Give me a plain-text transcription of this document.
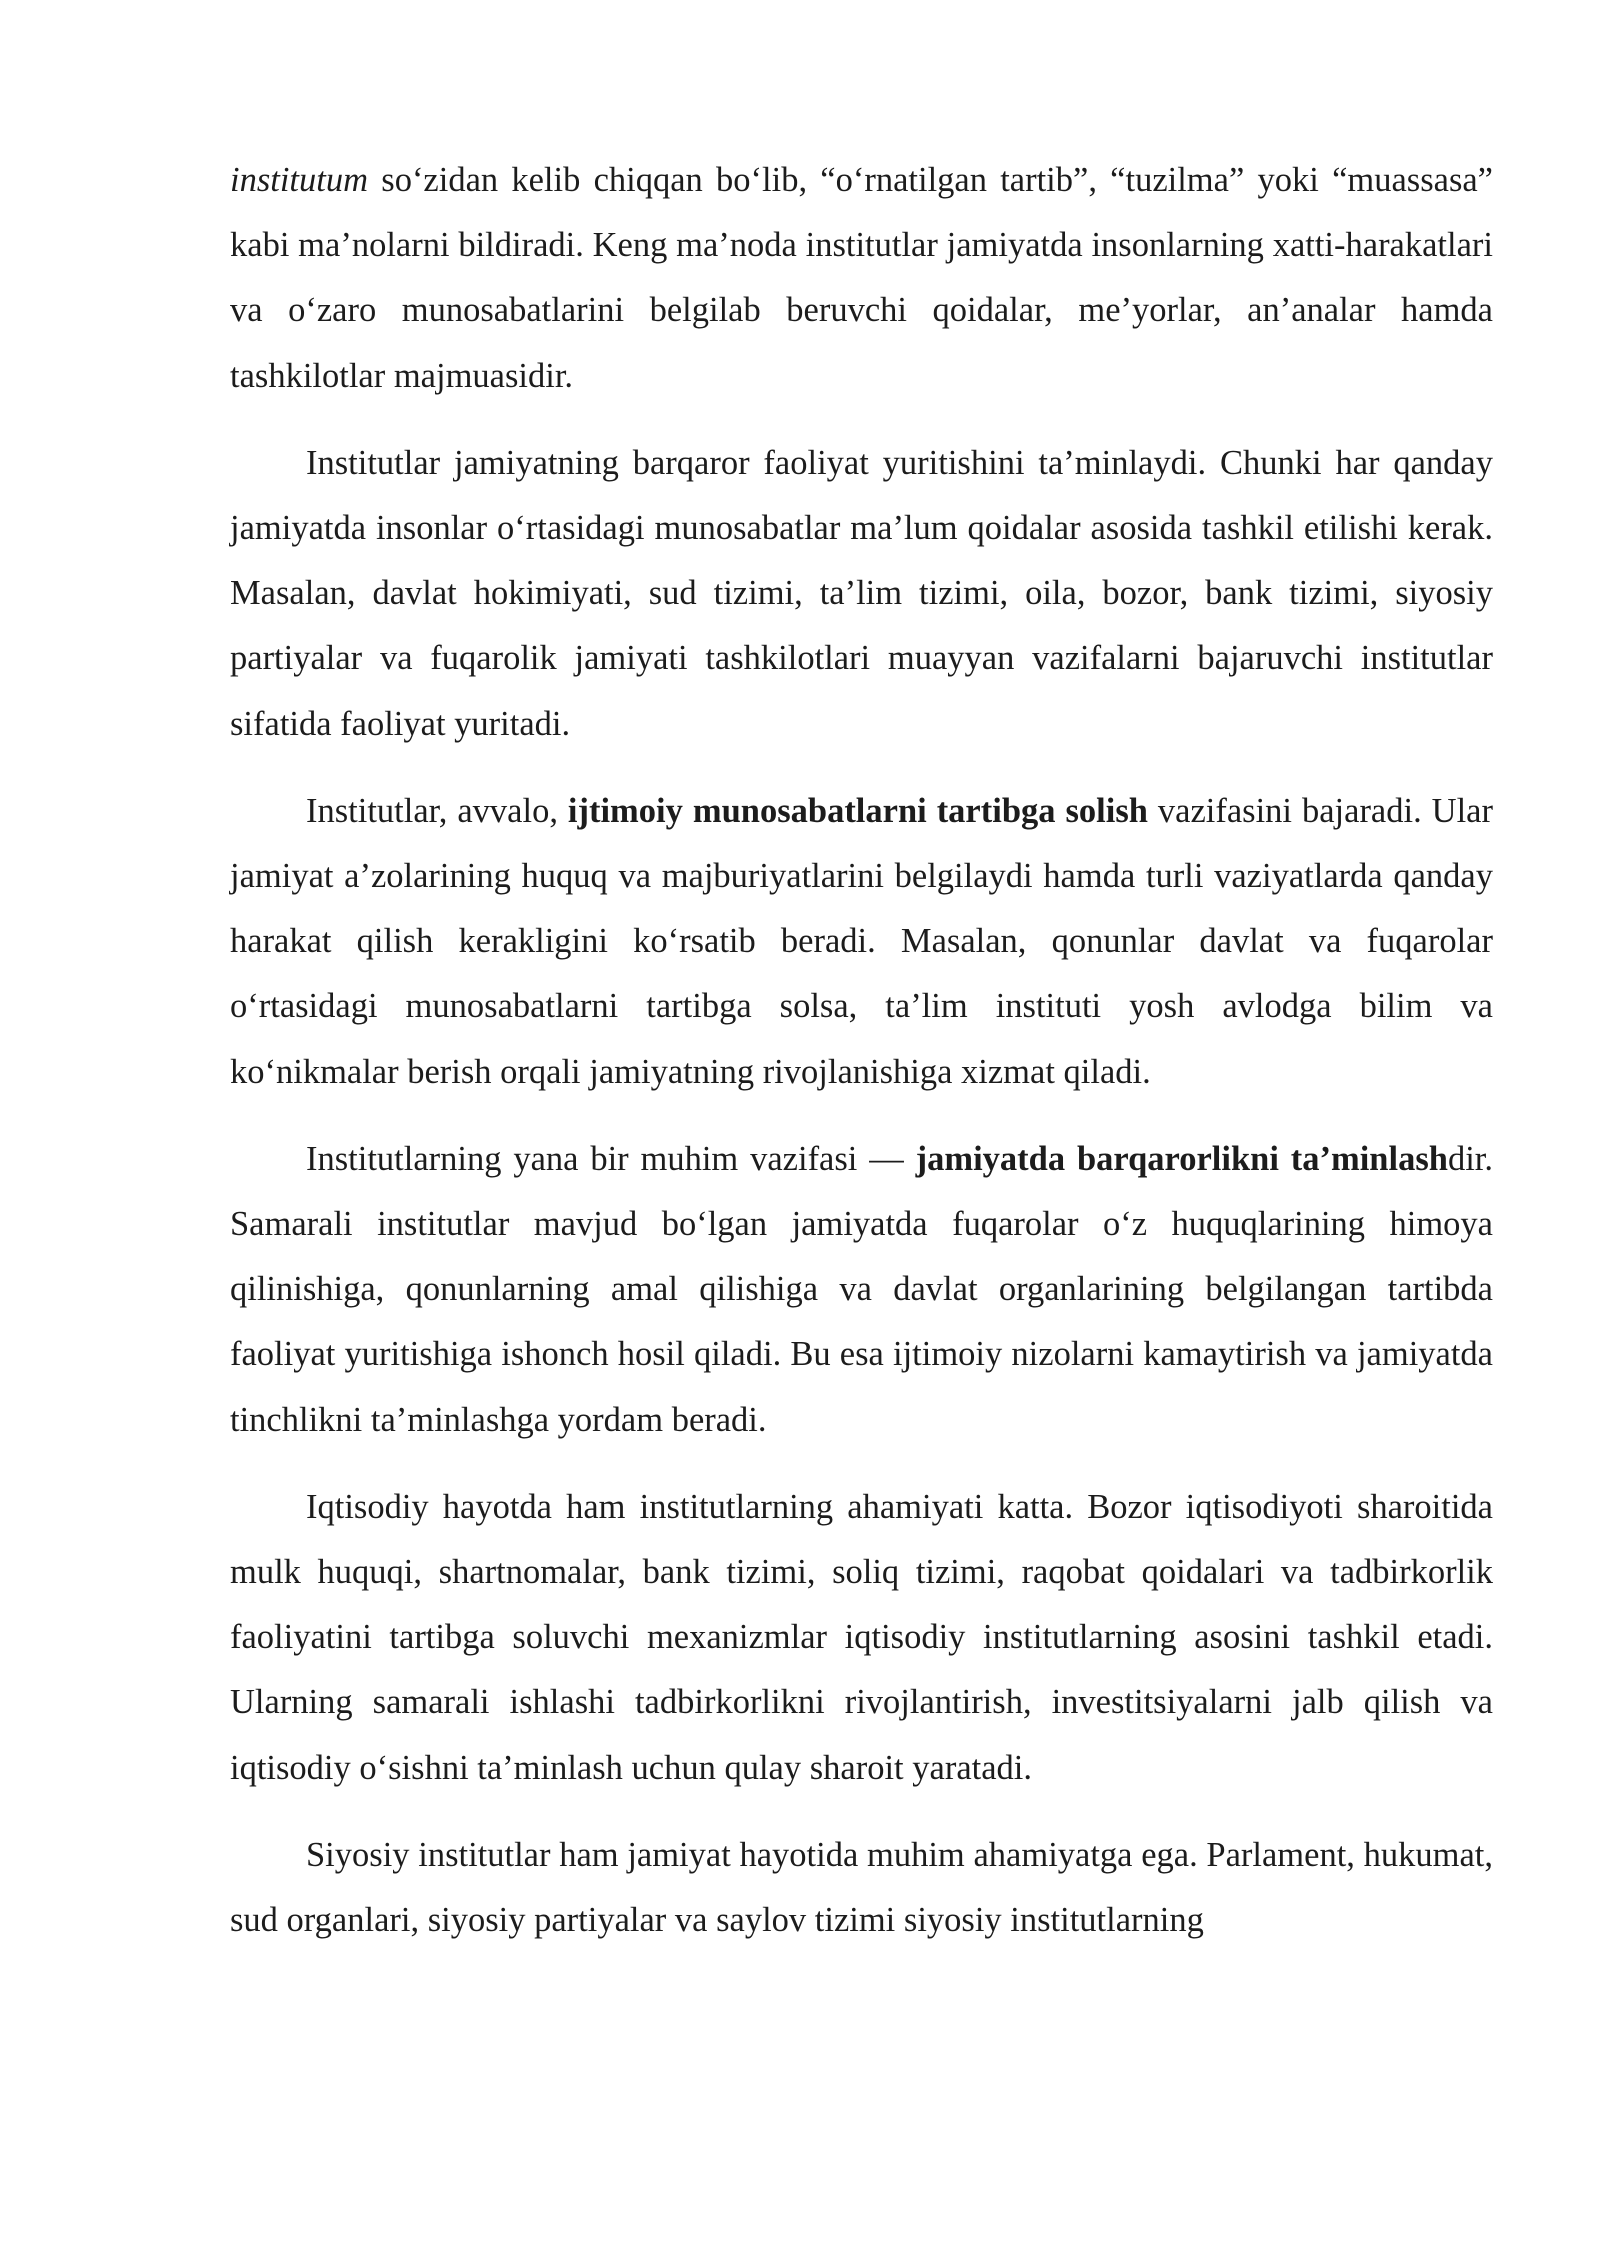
institutum so‘zidan kelib chiqqan bo‘lib, “o‘rnatilgan tartib”, “tuzilma” yoki “muassasa” kabi ma’nolarni bildiradi. Keng ma’noda institutlar jamiyatda insonlarning xatti-harakatlari va o‘zaro munosabatlarini belgilab beruvchi qoidalar, me’yorlar, an’analar hamda tashkilotlar majmuasidir.

Institutlar jamiyatning barqaror faoliyat yuritishini ta’minlaydi. Chunki har qanday jamiyatda insonlar o‘rtasidagi munosabatlar ma’lum qoidalar asosida tashkil etilishi kerak. Masalan, davlat hokimiyati, sud tizimi, ta’lim tizimi, oila, bozor, bank tizimi, siyosiy partiyalar va fuqarolik jamiyati tashkilotlari muayyan vazifalarni bajaruvchi institutlar sifatida faoliyat yuritadi.

Institutlar, avvalo, ijtimoiy munosabatlarni tartibga solish vazifasini bajaradi. Ular jamiyat a’zolarining huquq va majburiyatlarini belgilaydi hamda turli vaziyatlarda qanday harakat qilish kerakligini ko‘rsatib beradi. Masalan, qonunlar davlat va fuqarolar o‘rtasidagi munosabatlarni tartibga solsa, ta’lim instituti yosh avlodga bilim va ko‘nikmalar berish orqali jamiyatning rivojlanishiga xizmat qiladi.

Institutlarning yana bir muhim vazifasi — jamiyatda barqarorlikni ta’minlashdir. Samarali institutlar mavjud bo‘lgan jamiyatda fuqarolar o‘z huquqlarining himoya qilinishiga, qonunlarning amal qilishiga va davlat organlarining belgilangan tartibda faoliyat yuritishiga ishonch hosil qiladi. Bu esa ijtimoiy nizolarni kamaytirish va jamiyatda tinchlikni ta’minlashga yordam beradi.

Iqtisodiy hayotda ham institutlarning ahamiyati katta. Bozor iqtisodiyoti sharoitida mulk huquqi, shartnomalar, bank tizimi, soliq tizimi, raqobat qoidalari va tadbirkorlik faoliyatini tartibga soluvchi mexanizmlar iqtisodiy institutlarning asosini tashkil etadi. Ularning samarali ishlashi tadbirkorlikni rivojlantirish, investitsiyalarni jalb qilish va iqtisodiy o‘sishni ta’minlash uchun qulay sharoit yaratadi.

Siyosiy institutlar ham jamiyat hayotida muhim ahamiyatga ega. Parlament, hukumat, sud organlari, siyosiy partiyalar va saylov tizimi siyosiy institutlarning
